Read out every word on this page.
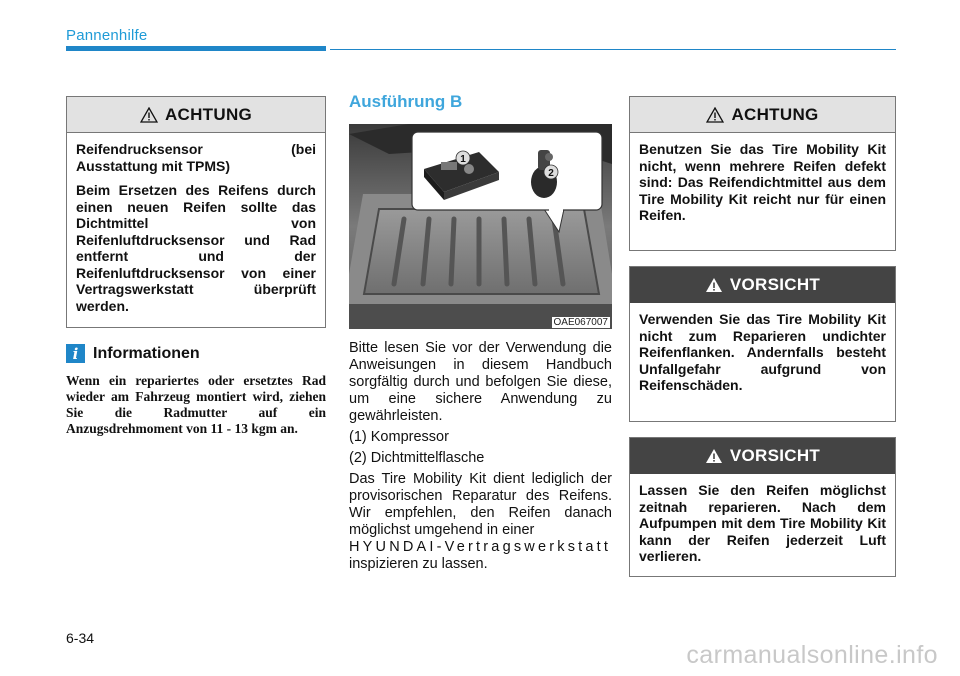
Pannenhilfe
ACHTUNG

Reifendrucksensor (bei Ausstattung mit TPMS)

Beim Ersetzen des Reifens durch einen neuen Reifen sollte das Dichtmittel von Reifenluftdrucksensor und Rad entfernt und der Reifenluftdrucksensor von einer Vertragswerkstatt überprüft werden.

i Informationen
Wenn ein repariertes oder ersetztes Rad wieder am Fahrzeug montiert wird, ziehen Sie die Radmutter auf ein Anzugsdrehmoment von 11 - 13 kgm an.
Ausführung B
1
2
OAE067007

Bitte lesen Sie vor der Verwendung die Anweisungen in diesem Handbuch sorgfältig durch und befolgen Sie diese, um eine sichere Anwendung zu gewährleisten.

(1) Kompressor

(2) Dichtmittelflasche

Das Tire Mobility Kit dient lediglich der provisorischen Reparatur des Reifens. Wir empfehlen, den Reifen danach möglichst umgehend in einer
HYUNDAI-Vertragswerkstatt
inspizieren zu lassen.
ACHTUNG
Benutzen Sie das Tire Mobility Kit nicht, wenn mehrere Reifen defekt sind: Das Reifendichtmittel aus dem Tire Mobility Kit reicht nur für einen Reifen.
VORSICHT
Verwenden Sie das Tire Mobility Kit nicht zum Reparieren undichter Reifenflanken. Andernfalls besteht Unfallgefahr aufgrund von Reifenschäden.
VORSICHT
Lassen Sie den Reifen möglichst zeitnah reparieren. Nach dem Aufpumpen mit dem Tire Mobility Kit kann der Reifen jederzeit Luft verlieren.
6-34
carmanualsonline.info
